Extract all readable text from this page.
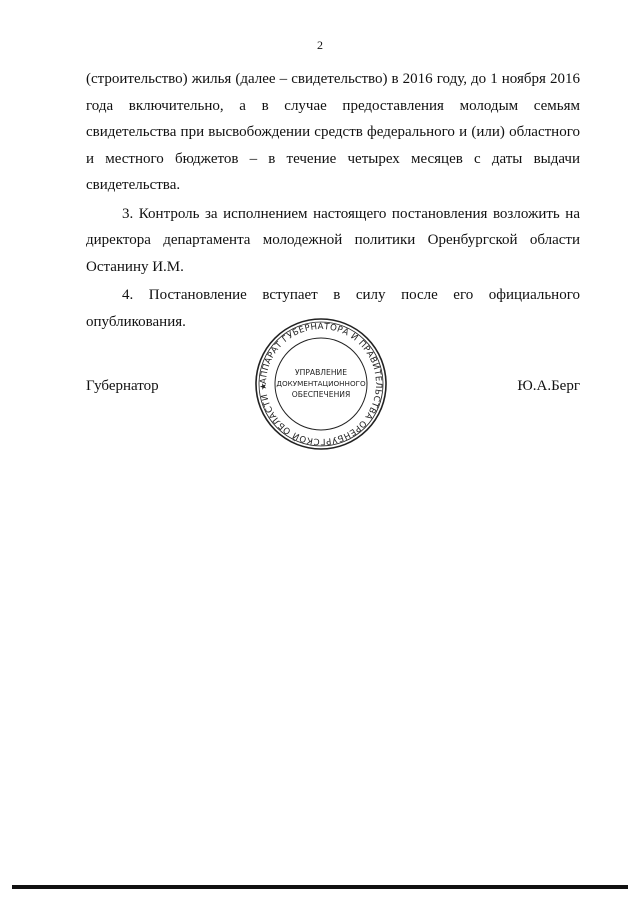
2

(строительство) жилья (далее – свидетельство) в 2016 году, до 1 ноября 2016 года включительно, а в случае предоставления молодым семьям свидетельства при высвобождении средств федерального и (или) областного и местного бюджетов – в течение четырех месяцев с даты выдачи свидетельства.

3. Контроль за исполнением настоящего постановления возложить на директора департамента молодежной политики Оренбургской области Останину И.М.

4. Постановление вступает в силу после его официального опубликования.

Губернатор	Ю.А.Берг
АППАРАТ ГУБЕРНАТОРА И ПРАВИТЕЛЬСТВА ОРЕНБУРГСКОЙ ОБЛАСТИ ★
УПРАВЛЕНИЕ
ДОКУМЕНТАЦИОННОГО
ОБЕСПЕЧЕНИЯ
